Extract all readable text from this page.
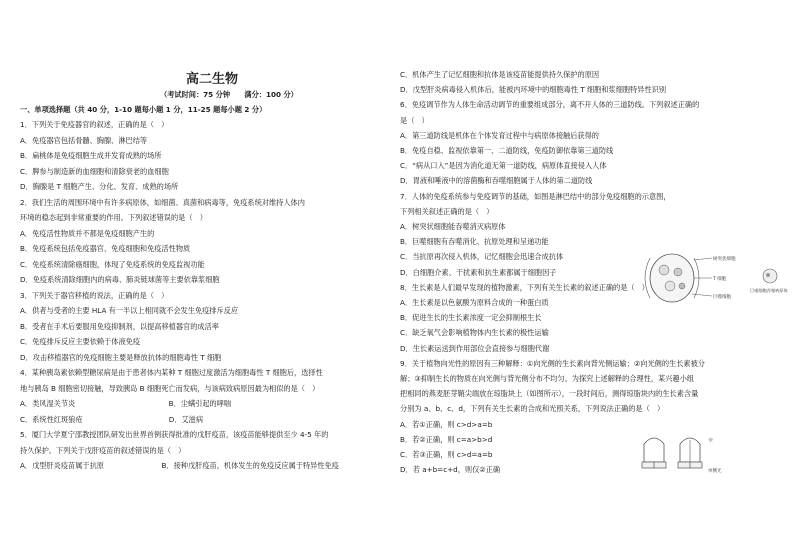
高二生物
（考试时间：75 分钟　　满分：100 分）
一、单项选择题（共 40 分，1-10 题每小题 1 分，11-25 题每小题 2 分）
1．下列关于免疫器官的叙述，正确的是（　）
A．免疫器官包括骨髓、胸腺、淋巴结等
B．扁桃体是免疫细胞生成并发育成熟的场所
C．脾参与制造新的血细胞和清除衰老的血细胞
D．胸腺是 T 细胞产生、分化、发育、成熟的场所
2．我们生活的周围环境中有许多病原体，如细菌、真菌和病毒等，免疫系统对维持人体内
环境的稳态起到非常重要的作用。下列叙述错误的是（　）
A．免疫活性物质并不都是免疫细胞产生的
B．免疫系统包括免疫器官、免疫细胞和免疫活性物质
C．免疫系统清除癌细胞，体现了免疫系统的免疫监视功能
D．免疫系统清除细胞内的病毒、肺炎链球菌等主要依靠浆细胞
3．下列关于器官移植的说法，正确的是（　）
A．供者与受者的主要 HLA 有一半以上相同就不会发生免疫排斥反应
B．受者在手术后要服用免疫抑制剂，以提高移植器官的成活率
C．免疫排斥反应主要依赖于体液免疫
D．攻击移植器官的免疫细胞主要是释放抗体的细胞毒性 T 细胞
4．某种胰岛素依赖型糖尿病是由于患者体内某种 T 细胞过度激活为细胞毒性 T 细胞后，选择性
地与胰岛 B 细胞密切接触，导致胰岛 B 细胞死亡而发病，与该病致病原因最为相似的是（　）
A．类风湿关节炎　　　　　　　　　　　　　B．尘螨引起的哮喘
C．系统性红斑狼疮　　　　　　　　　　　　D．艾滋病
5．厦门大学夏宁邵教授团队研发出世界首例获得批准的戊肝疫苗，该疫苗能够提供至少 4-5 年的
持久保护。下列关于戊肝疫苗的叙述错误的是（　）
A．戊型肝炎疫苗属于抗原　　　　　　　　B．接种戊肝疫苗，机体发生的免疫反应属于特异性免疫
C．机体产生了记忆细胞和抗体是该疫苗能提供持久保护的原因
D．戊型肝炎病毒侵入机体后，能被内环境中的细胞毒性 T 细胞和浆细胞特异性识别
6．免疫调节作为人体生命活动调节的重要组成部分，离不开人体的三道防线。下列叙述正确的
是（　）
A．第三道防线是机体在个体发育过程中与病原体接触后获得的
B．免疫自稳、监视依靠第一、二道防线，免疫防御依靠第三道防线
C．“病从口入”是因为消化道无第一道防线，病原体直接侵入人体
D．胃液和唾液中的溶菌酶和吞噬细胞属于人体的第二道防线
7．人体的免疫系统参与免疫调节的基础，如图是淋巴结中的部分免疫细胞的示意图，
下列相关叙述正确的是（　）
A．树突状细胞能吞噬消灭病原体
B．巨噬细胞有吞噬消化、抗原处理和呈递功能
C．当抗原再次侵入机体，记忆细胞会迅速合成抗体
D．白细胞介素、干扰素和抗生素都属于细胞因子
8．生长素是人们最早发现的植物激素，下列有关生长素的叙述正确的是（　）
A．生长素是以色氨酸为原料合成的一种蛋白质
B．促进生长的生长素浓度一定会抑制根生长
C．缺乏氧气会影响植物体内生长素的极性运输
D．生长素运送到作用部位会直接参与细胞代谢
9．关于植物向光性的原因有三种解释：①向光侧的生长素向背光侧运输；②向光侧的生长素被分
解；③抑制生长的物质在向光侧与背光侧分布不均匀。为探究上述解释的合理性，某兴趣小组
把相同的燕麦胚芽鞘尖端放在琼脂块上（如图所示），一段时间后，测得琼脂块内的生长素含量
分别为 a、b、c、d，下列有关生长素的合成和光照关系，下列说法正确的是（　）
A．若①正确，则 c>d>a=b
B．若②正确，则 c=a>b>d
C．若③正确，则 c>d=a=b
D．若 a+b=c+d，则仅②正确
树突状细胞
T 细胞
巨噬细胞
巨噬细胞吞噬病原体
☼
单侧光
